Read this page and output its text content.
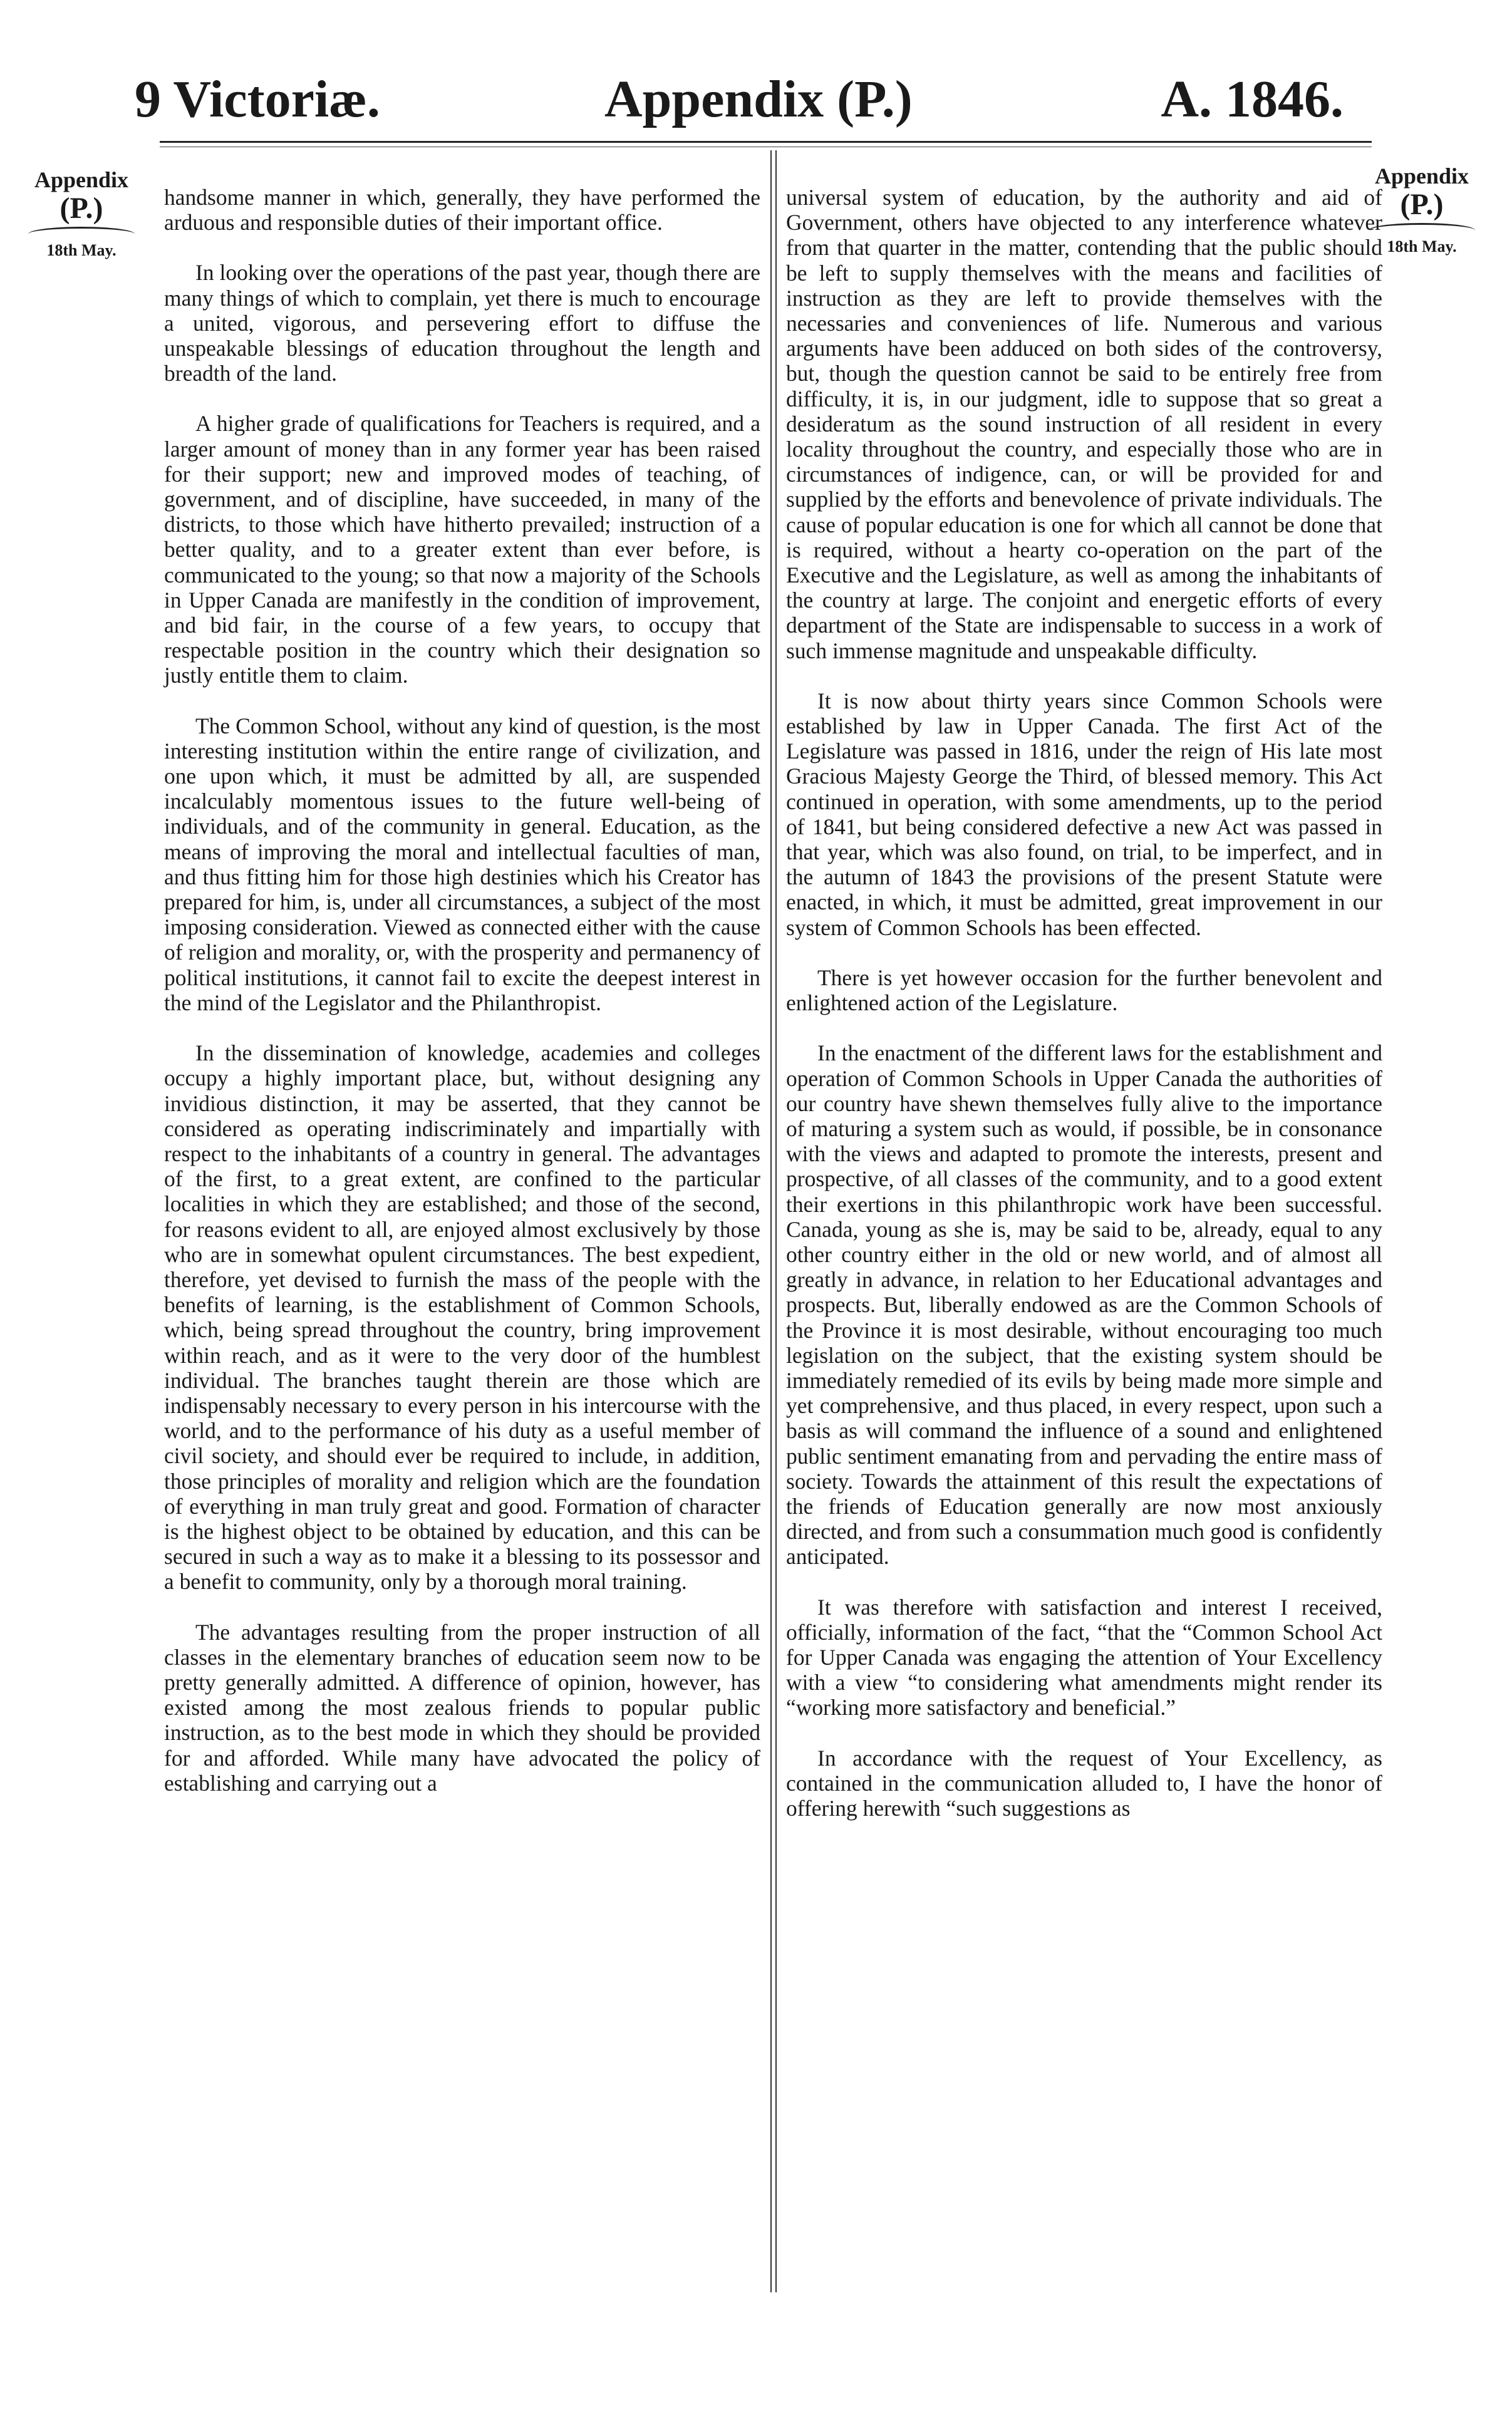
9 Victoriæ.	Appendix (P.)	A. 1846.
Appendix
(P.)
18th May.
Appendix
(P.)
18th May.

handsome manner in which, generally, they have performed the arduous and responsible duties of their important office.

In looking over the operations of the past year, though there are many things of which to complain, yet there is much to encourage a united, vigorous, and persevering effort to diffuse the unspeakable blessings of education throughout the length and breadth of the land.

A higher grade of qualifications for Teachers is required, and a larger amount of money than in any former year has been raised for their support; new and improved modes of teaching, of government, and of discipline, have succeeded, in many of the districts, to those which have hitherto prevailed; instruction of a better quality, and to a greater extent than ever before, is communicated to the young; so that now a majority of the Schools in Upper Canada are manifestly in the condition of improvement, and bid fair, in the course of a few years, to occupy that respectable position in the country which their designation so justly entitle them to claim.

The Common School, without any kind of question, is the most interesting institution within the entire range of civilization, and one upon which, it must be admitted by all, are suspended incalculably momentous issues to the future well-being of individuals, and of the community in general. Education, as the means of improving the moral and intellectual faculties of man, and thus fitting him for those high destinies which his Creator has prepared for him, is, under all circumstances, a subject of the most imposing consideration. Viewed as connected either with the cause of religion and morality, or, with the prosperity and permanency of political institutions, it cannot fail to excite the deepest interest in the mind of the Legislator and the Philanthropist.

In the dissemination of knowledge, academies and colleges occupy a highly important place, but, without designing any invidious distinction, it may be asserted, that they cannot be considered as operating indiscriminately and impartially with respect to the inhabitants of a country in general. The advantages of the first, to a great extent, are confined to the particular localities in which they are established; and those of the second, for reasons evident to all, are enjoyed almost exclusively by those who are in somewhat opulent circumstances. The best expedient, therefore, yet devised to furnish the mass of the people with the benefits of learning, is the establishment of Common Schools, which, being spread throughout the country, bring improvement within reach, and as it were to the very door of the humblest individual. The branches taught therein are those which are indispensably necessary to every person in his intercourse with the world, and to the performance of his duty as a useful member of civil society, and should ever be required to include, in addition, those principles of morality and religion which are the foundation of everything in man truly great and good. Formation of character is the highest object to be obtained by education, and this can be secured in such a way as to make it a blessing to its possessor and a benefit to community, only by a thorough moral training.

The advantages resulting from the proper instruction of all classes in the elementary branches of education seem now to be pretty generally admitted. A difference of opinion, however, has existed among the most zealous friends to popular public instruction, as to the best mode in which they should be provided for and afforded. While many have advocated the policy of establishing and carrying out a

universal system of education, by the authority and aid of Government, others have objected to any interference whatever from that quarter in the matter, contending that the public should be left to supply themselves with the means and facilities of instruction as they are left to provide themselves with the necessaries and conveniences of life. Numerous and various arguments have been adduced on both sides of the controversy, but, though the question cannot be said to be entirely free from difficulty, it is, in our judgment, idle to suppose that so great a desideratum as the sound instruction of all resident in every locality throughout the country, and especially those who are in circumstances of indigence, can, or will be provided for and supplied by the efforts and benevolence of private individuals. The cause of popular education is one for which all cannot be done that is required, without a hearty co-operation on the part of the Executive and the Legislature, as well as among the inhabitants of the country at large. The conjoint and energetic efforts of every department of the State are indispensable to success in a work of such immense magnitude and unspeakable difficulty.

It is now about thirty years since Common Schools were established by law in Upper Canada. The first Act of the Legislature was passed in 1816, under the reign of His late most Gracious Majesty George the Third, of blessed memory. This Act continued in operation, with some amendments, up to the period of 1841, but being considered defective a new Act was passed in that year, which was also found, on trial, to be imperfect, and in the autumn of 1843 the provisions of the present Statute were enacted, in which, it must be admitted, great improvement in our system of Common Schools has been effected.

There is yet however occasion for the further benevolent and enlightened action of the Legislature.

In the enactment of the different laws for the establishment and operation of Common Schools in Upper Canada the authorities of our country have shewn themselves fully alive to the importance of maturing a system such as would, if possible, be in consonance with the views and adapted to promote the interests, present and prospective, of all classes of the community, and to a good extent their exertions in this philanthropic work have been successful. Canada, young as she is, may be said to be, already, equal to any other country either in the old or new world, and of almost all greatly in advance, in relation to her Educational advantages and prospects. But, liberally endowed as are the Common Schools of the Province it is most desirable, without encouraging too much legislation on the subject, that the existing system should be immediately remedied of its evils by being made more simple and yet comprehensive, and thus placed, in every respect, upon such a basis as will command the influence of a sound and enlightened public sentiment emanating from and pervading the entire mass of society. Towards the attainment of this result the expectations of the friends of Education generally are now most anxiously directed, and from such a consummation much good is confidently anticipated.

It was therefore with satisfaction and interest I received, officially, information of the fact, “that the “Common School Act for Upper Canada was engaging the attention of Your Excellency with a view “to considering what amendments might render its “working more satisfactory and beneficial.”

In accordance with the request of Your Excellency, as contained in the communication alluded to, I have the honor of offering herewith “such suggestions as
